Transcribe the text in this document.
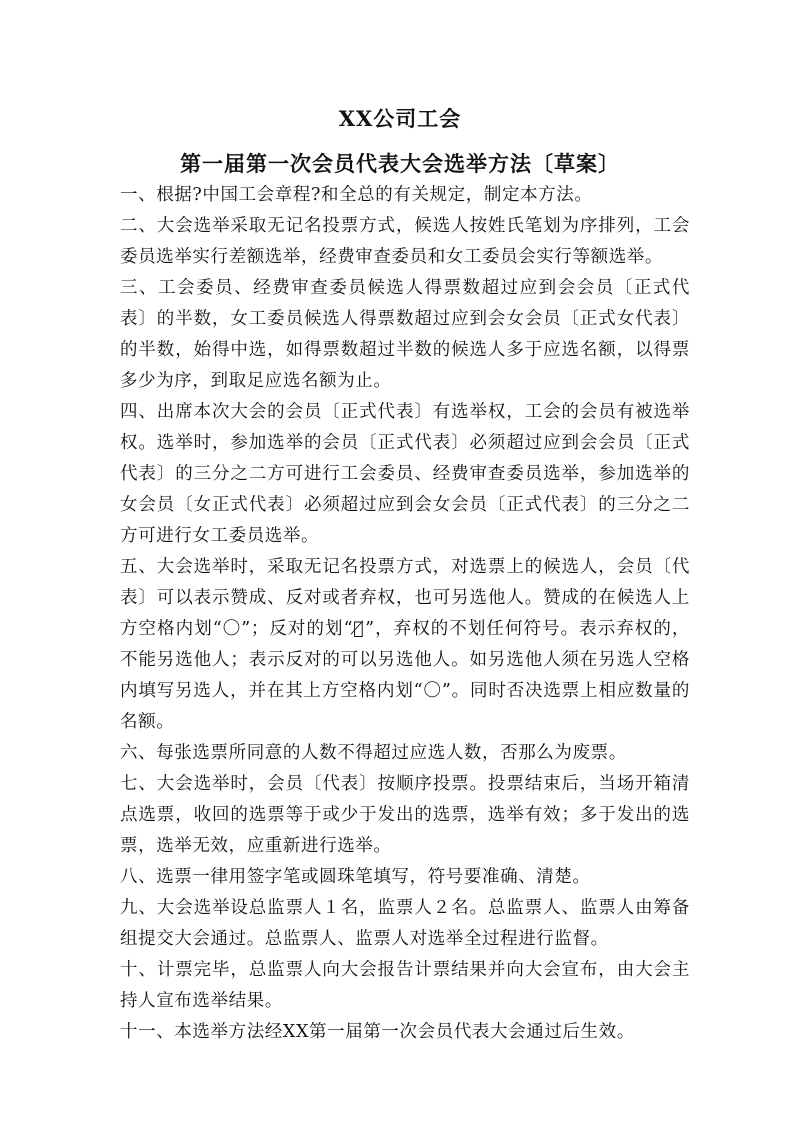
XX公司工会
第一届第一次会员代表大会选举方法〔草案〕

一、根据?中国工会章程?和全总的有关规定，制定本方法。

二、大会选举采取无记名投票方式，候选人按姓氏笔划为序排列，工会委员选举实行差额选举，经费审查委员和女工委员会实行等额选举。

三、工会委员、经费审查委员候选人得票数超过应到会会员〔正式代表〕的半数，女工委员候选人得票数超过应到会女会员〔正式女代表〕的半数，始得中选，如得票数超过半数的候选人多于应选名额，以得票多少为序，到取足应选名额为止。

四、出席本次大会的会员〔正式代表〕有选举权，工会的会员有被选举权。选举时，参加选举的会员〔正式代表〕必须超过应到会会员〔正式代表〕的三分之二方可进行工会委员、经费审查委员选举，参加选举的女会员〔女正式代表〕必须超过应到会女会员〔正式代表〕的三分之二方可进行女工委员选举。

五、大会选举时，采取无记名投票方式，对选票上的候选人，会员〔代表〕可以表示赞成、反对或者弃权，也可另选他人。赞成的在候选人上方空格内划“〇”；反对的划“〇̸”，弃权的不划任何符号。表示弃权的，不能另选他人；表示反对的可以另选他人。如另选他人须在另选人空格内填写另选人，并在其上方空格内划“〇”。同时否决选票上相应数量的名额。

六、每张选票所同意的人数不得超过应选人数，否那么为废票。

七、大会选举时，会员〔代表〕按顺序投票。投票结束后，当场开箱清点选票，收回的选票等于或少于发出的选票，选举有效；多于发出的选票，选举无效，应重新进行选举。

八、选票一律用签字笔或圆珠笔填写，符号要准确、清楚。

九、大会选举设总监票人１名，监票人２名。总监票人、监票人由筹备组提交大会通过。总监票人、监票人对选举全过程进行监督。

十、计票完毕，总监票人向大会报告计票结果并向大会宣布，由大会主持人宣布选举结果。

十一、本选举方法经XX第一届第一次会员代表大会通过后生效。
